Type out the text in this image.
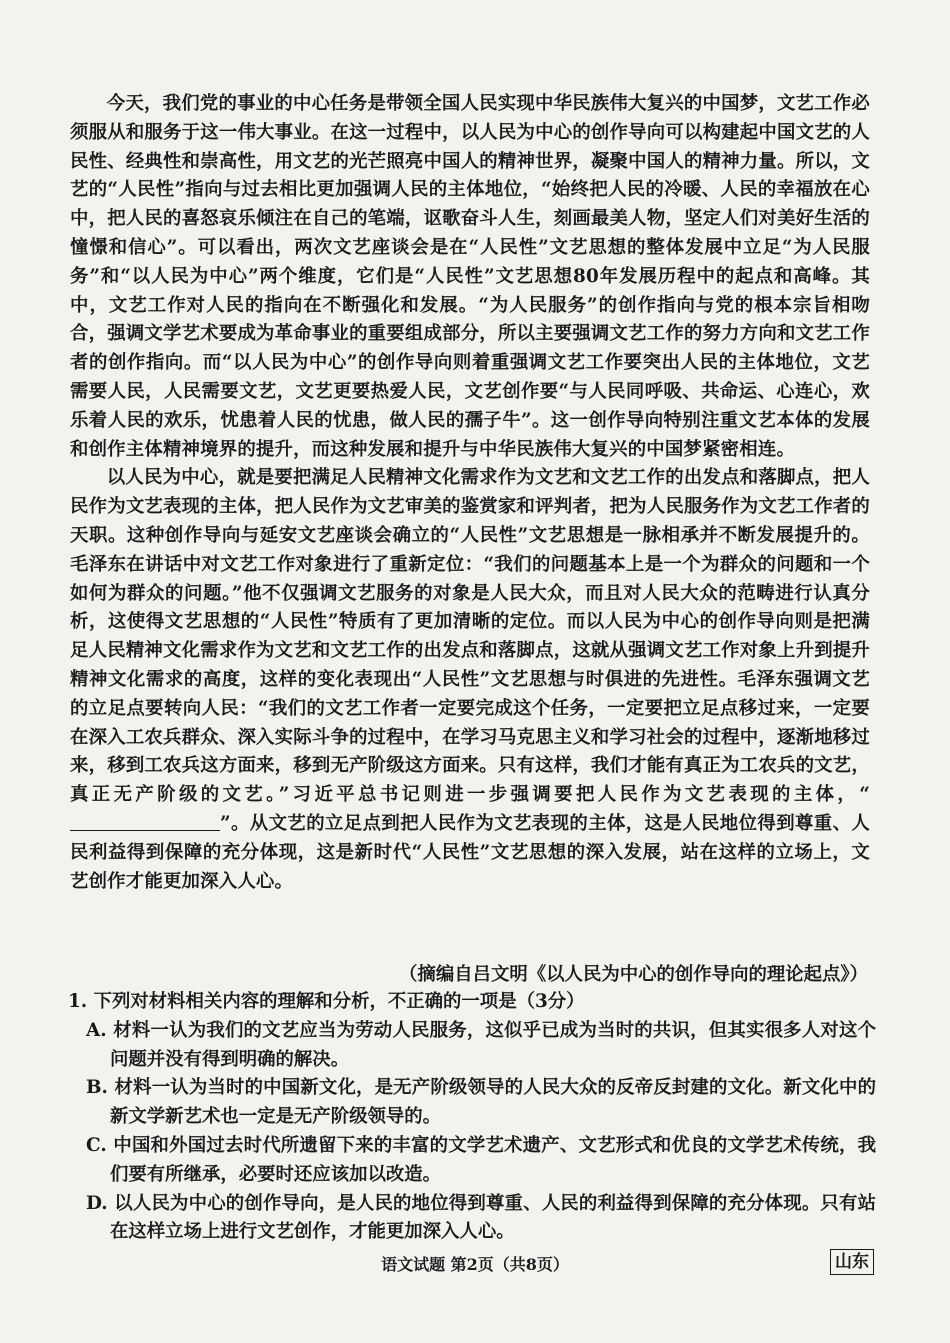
今天，我们党的事业的中心任务是带领全国人民实现中华民族伟大复兴的中国梦，文艺工作必须服从和服务于这一伟大事业。在这一过程中，以人民为中心的创作导向可以构建起中国文艺的人民性、经典性和崇高性，用文艺的光芒照亮中国人的精神世界，凝聚中国人的精神力量。所以，文艺的“人民性”指向与过去相比更加强调人民的主体地位，“始终把人民的冷暖、人民的幸福放在心中，把人民的喜怒哀乐倾注在自己的笔端，讴歌奋斗人生，刻画最美人物，坚定人们对美好生活的憧憬和信心”。可以看出，两次文艺座谈会是在“人民性”文艺思想的整体发展中立足“为人民服务”和“以人民为中心”两个维度，它们是“人民性”文艺思想80年发展历程中的起点和高峰。其中，文艺工作对人民的指向在不断强化和发展。“为人民服务”的创作指向与党的根本宗旨相吻合，强调文学艺术要成为革命事业的重要组成部分，所以主要强调文艺工作的努力方向和文艺工作者的创作指向。而“以人民为中心”的创作导向则着重强调文艺工作要突出人民的主体地位，文艺需要人民，人民需要文艺，文艺更要热爱人民，文艺创作要“与人民同呼吸、共命运、心连心，欢乐着人民的欢乐，忧患着人民的忧患，做人民的孺子牛”。这一创作导向特别注重文艺本体的发展和创作主体精神境界的提升，而这种发展和提升与中华民族伟大复兴的中国梦紧密相连。

以人民为中心，就是要把满足人民精神文化需求作为文艺和文艺工作的出发点和落脚点，把人民作为文艺表现的主体，把人民作为文艺审美的鉴赏家和评判者，把为人民服务作为文艺工作者的天职。这种创作导向与延安文艺座谈会确立的“人民性”文艺思想是一脉相承并不断发展提升的。毛泽东在讲话中对文艺工作对象进行了重新定位：“我们的问题基本上是一个为群众的问题和一个如何为群众的问题。”他不仅强调文艺服务的对象是人民大众，而且对人民大众的范畴进行认真分析，这使得文艺思想的“人民性”特质有了更加清晰的定位。而以人民为中心的创作导向则是把满足人民精神文化需求作为文艺和文艺工作的出发点和落脚点，这就从强调文艺工作对象上升到提升精神文化需求的高度，这样的变化表现出“人民性”文艺思想与时俱进的先进性。毛泽东强调文艺的立足点要转向人民：“我们的文艺工作者一定要完成这个任务，一定要把立足点移过来，一定要在深入工农兵群众、深入实际斗争的过程中，在学习马克思主义和学习社会的过程中，逐渐地移过来，移到工农兵这方面来，移到无产阶级这方面来。只有这样，我们才能有真正为工农兵的文艺，真正无产阶级的文艺。”习近平总书记则进一步强调要把人民作为文艺表现的主体，“”。从文艺的立足点到把人民作为文艺表现的主体，这是人民地位得到尊重、人民利益得到保障的充分体现，这是新时代“人民性”文艺思想的深入发展，站在这样的立场上，文艺创作才能更加深入人心。

（摘编自吕文明《以人民为中心的创作导向的理论起点》）

1. 下列对材料相关内容的理解和分析，不正确的一项是（3分）

A. 材料一认为我们的文艺应当为劳动人民服务，这似乎已成为当时的共识，但其实很多人对这个问题并没有得到明确的解决。

B. 材料一认为当时的中国新文化，是无产阶级领导的人民大众的反帝反封建的文化。新文化中的新文学新艺术也一定是无产阶级领导的。

C. 中国和外国过去时代所遗留下来的丰富的文学艺术遗产、文艺形式和优良的文学艺术传统，我们要有所继承，必要时还应该加以改造。

D. 以人民为中心的创作导向，是人民的地位得到尊重、人民的利益得到保障的充分体现。只有站在这样立场上进行文艺创作，才能更加深入人心。

语文试题 第2页（共8页）	山东
